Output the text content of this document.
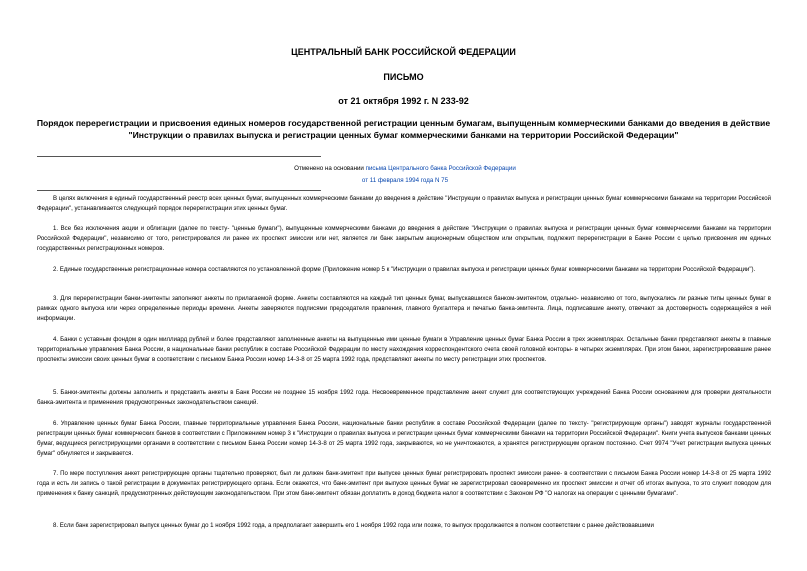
ЦЕНТРАЛЬНЫЙ БАНК РОССИЙСКОЙ ФЕДЕРАЦИИ
ПИСЬМО
от 21 октября 1992 г. N 233-92
Порядок перерегистрации и присвоения единых номеров государственной регистрации ценным бумагам, выпущенным коммерческими банками до введения в действие "Инструкции о правилах выпуска и регистрации ценных бумаг коммерческими банками на территории Российской Федерации"
Отменено на основании письма Центрального банка Российской Федерации
от 11 февраля 1994 года N 75
В целях включения в единый государственный реестр всех ценных бумаг, выпущенных коммерческими банками до введения в действие "Инструкции о правилах выпуска и регистрации ценных бумаг коммерческими банками на территории Российской Федерации", устанавливается следующий порядок перерегистрации этих ценных бумаг.
1. Все без исключения акции и облигации (далее по тексту- "ценные бумаги"), выпущенные коммерческими банками до введения в действие "Инструкции о правилах выпуска и регистрации ценных бумаг коммерческими банками на территории Российской Федерации", независимо от того, регистрировался ли ранее их проспект эмиссии или нет, является ли банк закрытым акционерным обществом или открытым, подлежит перерегистрации в Банке России с целью присвоения им единых государственных регистрационных номеров.
2. Единые государственные регистрационные номера составляются по установленной форме (Приложение номер 5 к "Инструкции о правилах выпуска и регистрации ценных бумаг коммерческими банками на территории Российской Федерации").
3. Для перерегистрации банки-эмитенты заполняют анкеты по прилагаемой форме. Анкеты составляются на каждый тип ценных бумаг, выпускавшихся банком-эмитентом, отдельно- независимо от того, выпускались ли разные типы ценных бумаг в рамках одного выпуска или через определенные периоды времени. Анкеты заверяются подписями председателя правления, главного бухгалтера и печатью банка-эмитента. Лица, подписавшие анкету, отвечают за достоверность содержащейся в ней информации.
4. Банки с уставным фондом в один миллиард рублей и более представляют заполненные анкеты на выпущенные ими ценные бумаги в Управление ценных бумаг Банка России в трех экземплярах. Остальные банки представляют анкеты в главные территориальные управления Банка России, в национальные банки республик в составе Российской Федерации по месту нахождения корреспондентского счета своей головной конторы- в четырех экземплярах. При этом банки, зарегистрировавшие ранее проспекты эмиссии своих ценных бумаг в соответствии с письмом Банка России номер 14-3-8 от 25 марта 1992 года, представляют анкеты по месту регистрации этих проспектов.
5. Банки-эмитенты должны заполнить и представить анкеты в Банк России не позднее 15 ноября 1992 года. Несвоевременное представление анкет служит для соответствующих учреждений Банка России основанием для проверки деятельности банка-эмитента и применения предусмотренных законодательством санкций.
6. Управление ценных бумаг Банка России, главные территориальные управления Банка России, национальные банки республик в составе Российской Федерации (далее по тексту- "регистрирующие органы") заводят журналы государственной регистрации ценных бумаг коммерческих банков в соответствии с Приложением номер 3 к "Инструкции о правилах выпуска и регистрации ценных бумаг коммерческими банками на территории Российской Федерации". Книги учета выпусков банками ценных бумаг, ведущиеся регистрирующими органами в соответствии с письмом Банка России номер 14-3-8 от 25 марта 1992 года, закрываются, но не уничтожаются, а хранятся регистрирующим органом постоянно. Счет 9974 "Учет регистрации выпуска ценных бумаг" обнуляется и закрывается.
7. По мере поступления анкет регистрирующие органы тщательно проверяют, был ли должен банк-эмитент при выпуске ценных бумаг регистрировать проспект эмиссии ранее- в соответствии с письмом Банка России номер 14-3-8 от 25 марта 1992 года и есть ли запись о такой регистрации в документах регистрирующего органа. Если окажется, что банк-эмитент при выпуске ценных бумаг не зарегистрировал своевременно их проспект эмиссии и отчет об итогах выпуска, то это служит поводом для применения к банку санкций, предусмотренных действующим законодательством. При этом банк-эмитент обязан доплатить в доход бюджета налог в соответствии с Законом РФ "О налогах на операции с ценными бумагами".
8. Если банк зарегистрировал выпуск ценных бумаг до 1 ноября 1992 года, а предполагает завершить его 1 ноября 1992 года или позже, то выпуск продолжается в полном соответствии с ранее действовавшими
